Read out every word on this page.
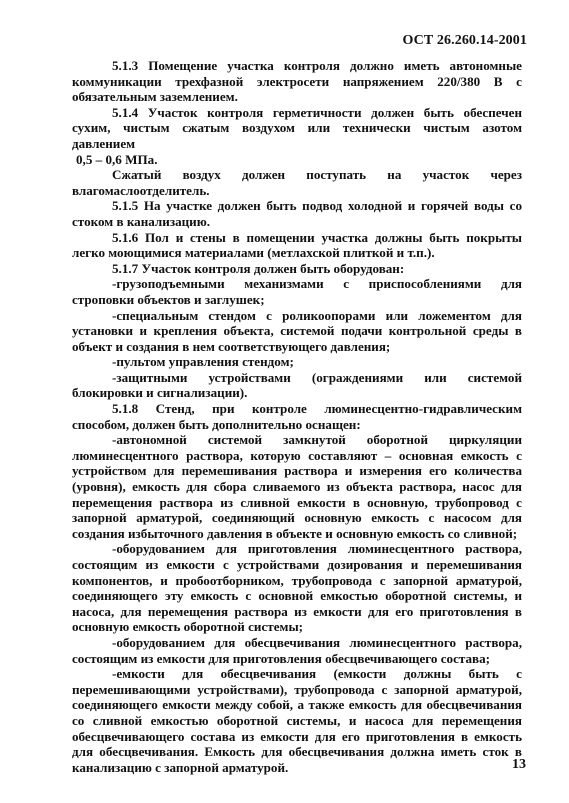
ОСТ 26.260.14-2001

5.1.3 Помещение участка контроля должно иметь автономные коммуникации трехфазной электросети напряжением 220/380 В с обязательным заземлением.

5.1.4 Участок контроля герметичности должен быть обеспечен сухим, чистым сжатым воздухом или технически чистым азотом давлением

0,5 – 0,6 МПа.

Сжатый воздух должен поступать на участок через влагомаслоотделитель.

5.1.5 На участке должен быть подвод холодной и горячей воды со стоком в канализацию.

5.1.6 Пол и стены в помещении участка должны быть покрыты легко моющимися материалами (метлахской плиткой и т.п.).

5.1.7 Участок контроля должен быть оборудован:

-грузоподъемными механизмами с приспособлениями для строповки объектов и заглушек;

-специальным стендом с роликоопорами или ложементом для установки и крепления объекта, системой подачи контрольной среды в объект и создания в нем соответствующего давления;

-пультом управления стендом;

-защитными устройствами (ограждениями или системой блокировки и сигнализации).

5.1.8 Стенд, при контроле люминесцентно-гидравлическим способом, должен быть дополнительно оснащен:

-автономной системой замкнутой оборотной циркуляции люминесцентного раствора, которую составляют – основная емкость с устройством для перемешивания раствора и измерения его количества (уровня), емкость для сбора сливаемого из объекта раствора, насос для перемещения раствора из сливной емкости в основную, трубопровод с запорной арматурой, соединяющий основную емкость с насосом для создания избыточного давления в объекте и основную емкость со сливной;

-оборудованием для приготовления люминесцентного раствора, состоящим из емкости с устройствами дозирования и перемешивания компонентов, и пробоотборником, трубопровода с запорной арматурой, соединяющего эту емкость с основной емкостью оборотной системы, и насоса, для перемещения раствора из емкости для его приготовления в основную емкость оборотной системы;

-оборудованием для обесцвечивания люминесцентного раствора, состоящим из емкости для приготовления обесцвечивающего состава;

-емкости для обесцвечивания (емкости должны быть с перемешивающими устройствами), трубопровода с запорной арматурой, соединяющего емкости между собой, а также емкость для обесцвечивания со сливной емкостью оборотной системы, и насоса для перемещения обесцвечивающего состава из емкости для его приготовления в емкость для обесцвечивания. Емкость для обесцвечивания должна иметь сток в канализацию с запорной арматурой.	13
